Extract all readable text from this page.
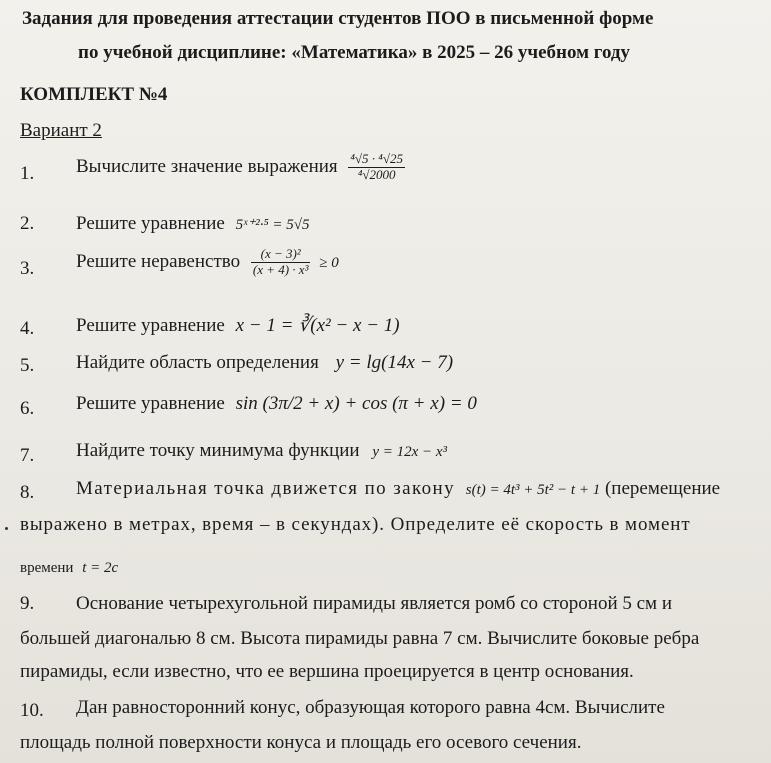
Задания для проведения аттестации студентов ПОО в письменной форме
по учебной дисциплине: «Математика» в 2025 – 26 учебном году
КОМПЛЕКТ №4
Вариант 2
1. Вычислите значение выражения $\frac{\text{⁴√5 · ⁴√25}}{\text{⁴√2000}}$
2. Решите уравнение 5ˣ⁺²·⁵ = 5√5
3. Решите неравенство $\frac{\text{(x − 3)²}}{\text{(x + 4) · x³}} \ge 0$
4. Решите уравнение x − 1 = ∛(x² − x − 1)
5. Найдите область определения y = lg(14x − 7)
6. Решите уравнение sin (3π/2 + x) + cos (π + x) = 0
7. Найдите точку минимума функции y = 12x − x³
8. Материальная точка движется по закону s(t) = 4t³ + 5t² − t + 1 (перемещение
выражено в метрах, время – в секундах). Определите её скорость в момент
времени t = 2c
9. Основание четырехугольной пирамиды является ромб со стороной 5 см и
большей диагональю 8 см. Высота пирамиды равна 7 см. Вычислите боковые ребра
пирамиды, если известно, что ее вершина проецируется в центр основания.
10. Дан равносторонний конус, образующая которого равна 4см. Вычислите
площадь полной поверхности конуса и площадь его осевого сечения.
